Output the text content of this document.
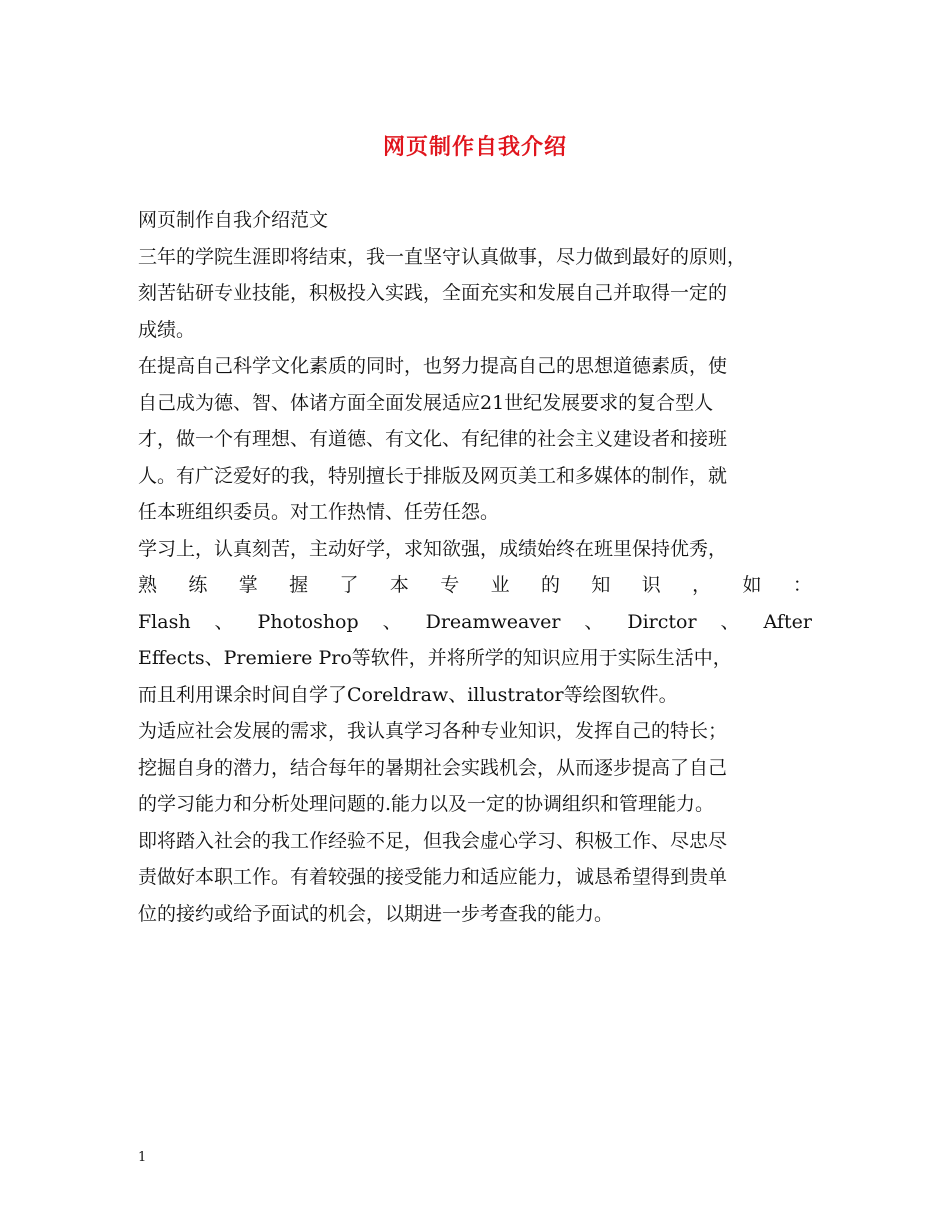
网页制作自我介绍

网页制作自我介绍范文

三年的学院生涯即将结束，我一直坚守认真做事，尽力做到最好的原则，
刻苦钻研专业技能，积极投入实践，全面充实和发展自己并取得一定的
成绩。

在提高自己科学文化素质的同时，也努力提高自己的思想道德素质，使
自己成为德、智、体诸方面全面发展适应21世纪发展要求的复合型人
才，做一个有理想、有道德、有文化、有纪律的社会主义建设者和接班
人。有广泛爱好的我，特别擅长于排版及网页美工和多媒体的制作，就
任本班组织委员。对工作热情、任劳任怨。

学习上，认真刻苦，主动好学，求知欲强，成绩始终在班里保持优秀，
熟 练 掌 握 了 本 专 业 的 知 识 ， 如 ：
Flash 、 Photoshop 、 Dreamweaver 、 Dirctor 、 After
Effects、Premiere Pro等软件，并将所学的知识应用于实际生活中，
而且利用课余时间自学了Coreldraw、illustrator等绘图软件。

为适应社会发展的需求，我认真学习各种专业知识，发挥自己的特长；
挖掘自身的潜力，结合每年的暑期社会实践机会，从而逐步提高了自己
的学习能力和分析处理问题的.能力以及一定的协调组织和管理能力。

即将踏入社会的我工作经验不足，但我会虚心学习、积极工作、尽忠尽
责做好本职工作。有着较强的接受能力和适应能力，诚恳希望得到贵单
位的接约或给予面试的机会，以期进一步考查我的能力。

1
